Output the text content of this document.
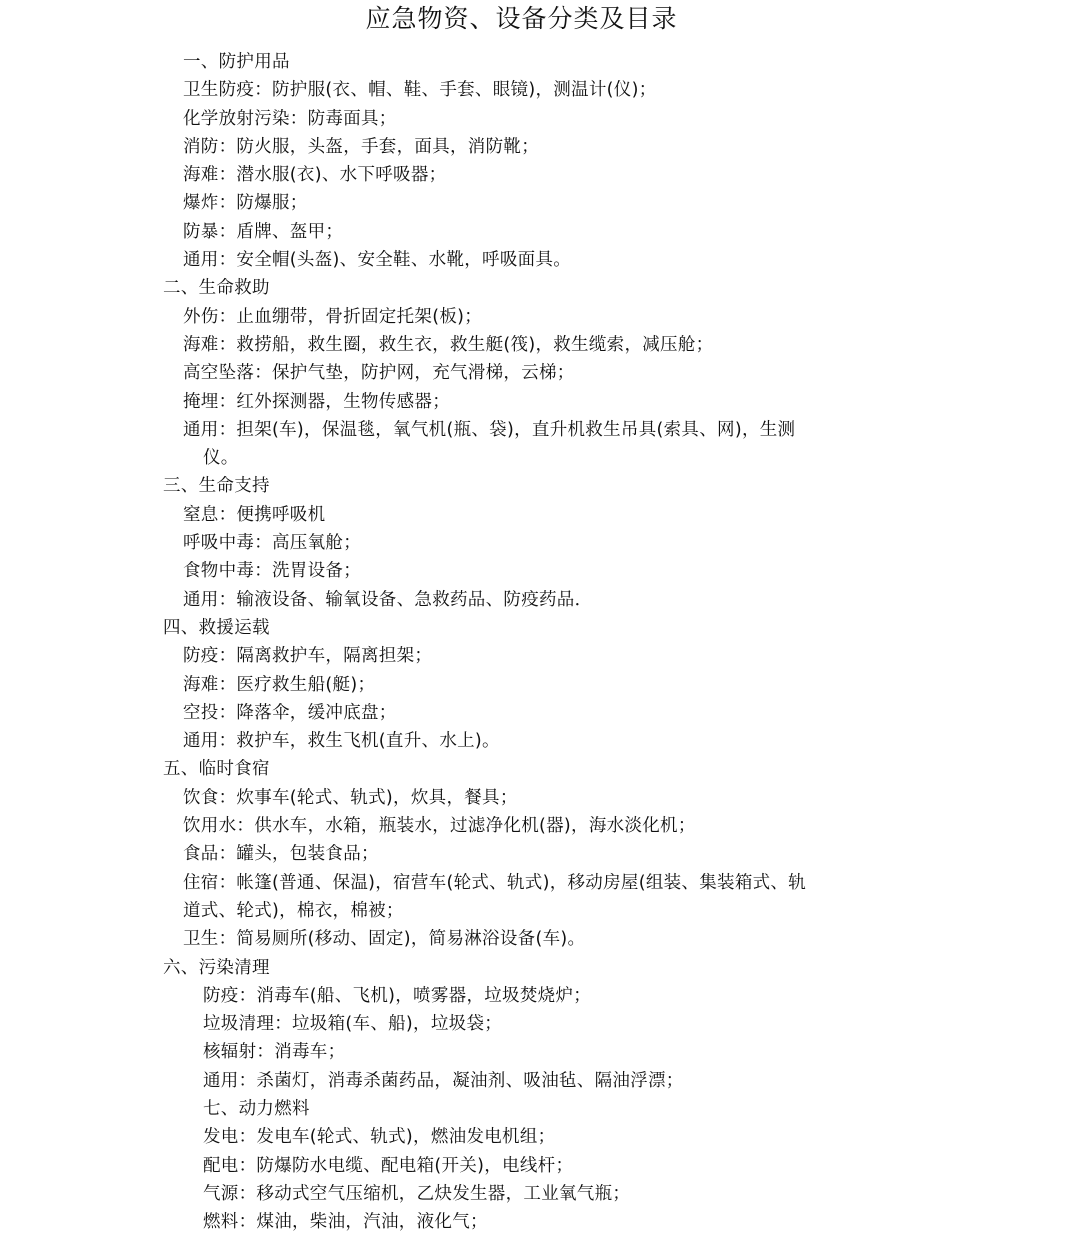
应急物资、设备分类及目录
一、防护用品
卫生防疫：防护服(衣、帽、鞋、手套、眼镜)，测温计(仪)；
化学放射污染：防毒面具；
消防：防火服，头盔，手套，面具，消防靴；
海难：潜水服(衣)、水下呼吸器；
爆炸：防爆服；
防暴：盾牌、盔甲；
通用：安全帽(头盔)、安全鞋、水靴，呼吸面具。
二、生命救助
外伤：止血绷带，骨折固定托架(板)；
海难：救捞船，救生圈，救生衣，救生艇(筏)，救生缆索，减压舱；
高空坠落：保护气垫，防护网，充气滑梯，云梯；
掩埋：红外探测器，生物传感器；
通用：担架(车)，保温毯，氧气机(瓶、袋)，直升机救生吊具(索具、网)，生测
仪。
三、生命支持
窒息：便携呼吸机
呼吸中毒：高压氧舱；
食物中毒：洗胃设备；
通用：输液设备、输氧设备、急救药品、防疫药品．
四、救援运载
防疫：隔离救护车，隔离担架；
海难：医疗救生船(艇)；
空投：降落伞，缓冲底盘；
通用：救护车，救生飞机(直升、水上)。
五、临时食宿
饮食：炊事车(轮式、轨式)，炊具，餐具；
饮用水：供水车，水箱，瓶装水，过滤净化机(器)，海水淡化机；
食品：罐头，包装食品；
住宿：帐篷(普通、保温)，宿营车(轮式、轨式)，移动房屋(组装、集装箱式、轨
道式、轮式)，棉衣，棉被；
卫生：简易厕所(移动、固定)，简易淋浴设备(车)。
六、污染清理
防疫：消毒车(船、飞机)，喷雾器，垃圾焚烧炉；
垃圾清理：垃圾箱(车、船)，垃圾袋；
核辐射：消毒车；
通用：杀菌灯，消毒杀菌药品，凝油剂、吸油毡、隔油浮漂；
七、动力燃料
发电：发电车(轮式、轨式)，燃油发电机组；
配电：防爆防水电缆、配电箱(开关)，电线杆；
气源：移动式空气压缩机，乙炔发生器，工业氧气瓶；
燃料：煤油，柴油，汽油，液化气；
